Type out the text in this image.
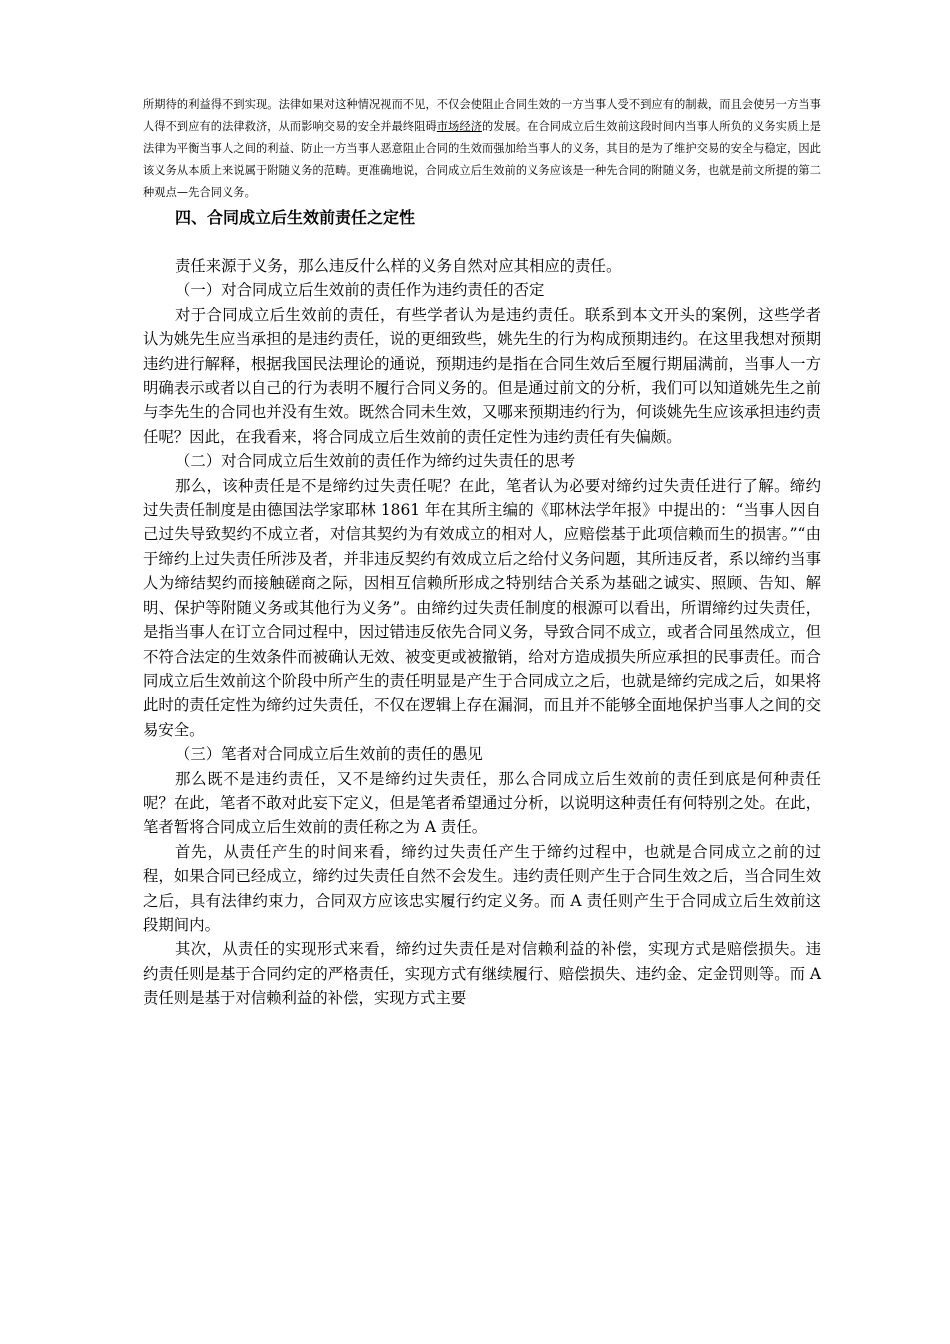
所期待的利益得不到实现。法律如果对这种情况视而不见，不仅会使阻止合同生效的一方当事人受不到应有的制裁，而且会使另一方当事人得不到应有的法律救济，从而影响交易的安全并最终阻碍市场经济的发展。在合同成立后生效前这段时间内当事人所负的义务实质上是法律为平衡当事人之间的利益、防止一方当事人恶意阻止合同的生效而强加给当事人的义务，其目的是为了维护交易的安全与稳定，因此该义务从本质上来说属于附随义务的范畴。更准确地说，合同成立后生效前的义务应该是一种先合同的附随义务，也就是前文所提的第二种观点—先合同义务。

四、合同成立后生效前责任之定性

责任来源于义务，那么违反什么样的义务自然对应其相应的责任。

（一）对合同成立后生效前的责任作为违约责任的否定

对于合同成立后生效前的责任，有些学者认为是违约责任。联系到本文开头的案例，这些学者认为姚先生应当承担的是违约责任，说的更细致些，姚先生的行为构成预期违约。在这里我想对预期违约进行解释，根据我国民法理论的通说，预期违约是指在合同生效后至履行期届满前，当事人一方明确表示或者以自己的行为表明不履行合同义务的。但是通过前文的分析，我们可以知道姚先生之前与李先生的合同也并没有生效。既然合同未生效，又哪来预期违约行为，何谈姚先生应该承担违约责任呢？因此，在我看来，将合同成立后生效前的责任定性为违约责任有失偏颇。

（二）对合同成立后生效前的责任作为缔约过失责任的思考

那么，该种责任是不是缔约过失责任呢？在此，笔者认为必要对缔约过失责任进行了解。缔约过失责任制度是由德国法学家耶林 1861 年在其所主编的《耶林法学年报》中提出的：“当事人因自己过失导致契约不成立者，对信其契约为有效成立的相对人，应赔偿基于此项信赖而生的损害。”“由于缔约上过失责任所涉及者，并非违反契约有效成立后之给付义务问题，其所违反者，系以缔约当事人为缔结契约而接触磋商之际，因相互信赖所形成之特别结合关系为基础之诚实、照顾、告知、解明、保护等附随义务或其他行为义务”。由缔约过失责任制度的根源可以看出，所谓缔约过失责任，是指当事人在订立合同过程中，因过错违反依先合同义务，导致合同不成立，或者合同虽然成立，但不符合法定的生效条件而被确认无效、被变更或被撤销，给对方造成损失所应承担的民事责任。而合同成立后生效前这个阶段中所产生的责任明显是产生于合同成立之后，也就是缔约完成之后，如果将此时的责任定性为缔约过失责任，不仅在逻辑上存在漏洞，而且并不能够全面地保护当事人之间的交易安全。

（三）笔者对合同成立后生效前的责任的愚见

那么既不是违约责任，又不是缔约过失责任，那么合同成立后生效前的责任到底是何种责任呢？在此，笔者不敢对此妄下定义，但是笔者希望通过分析，以说明这种责任有何特别之处。在此，笔者暂将合同成立后生效前的责任称之为 A 责任。

首先，从责任产生的时间来看，缔约过失责任产生于缔约过程中，也就是合同成立之前的过程，如果合同已经成立，缔约过失责任自然不会发生。违约责任则产生于合同生效之后，当合同生效之后，具有法律约束力，合同双方应该忠实履行约定义务。而 A 责任则产生于合同成立后生效前这段期间内。

其次，从责任的实现形式来看，缔约过失责任是对信赖利益的补偿，实现方式是赔偿损失。违约责任则是基于合同约定的严格责任，实现方式有继续履行、赔偿损失、违约金、定金罚则等。而 A 责任则是基于对信赖利益的补偿，实现方式主要
